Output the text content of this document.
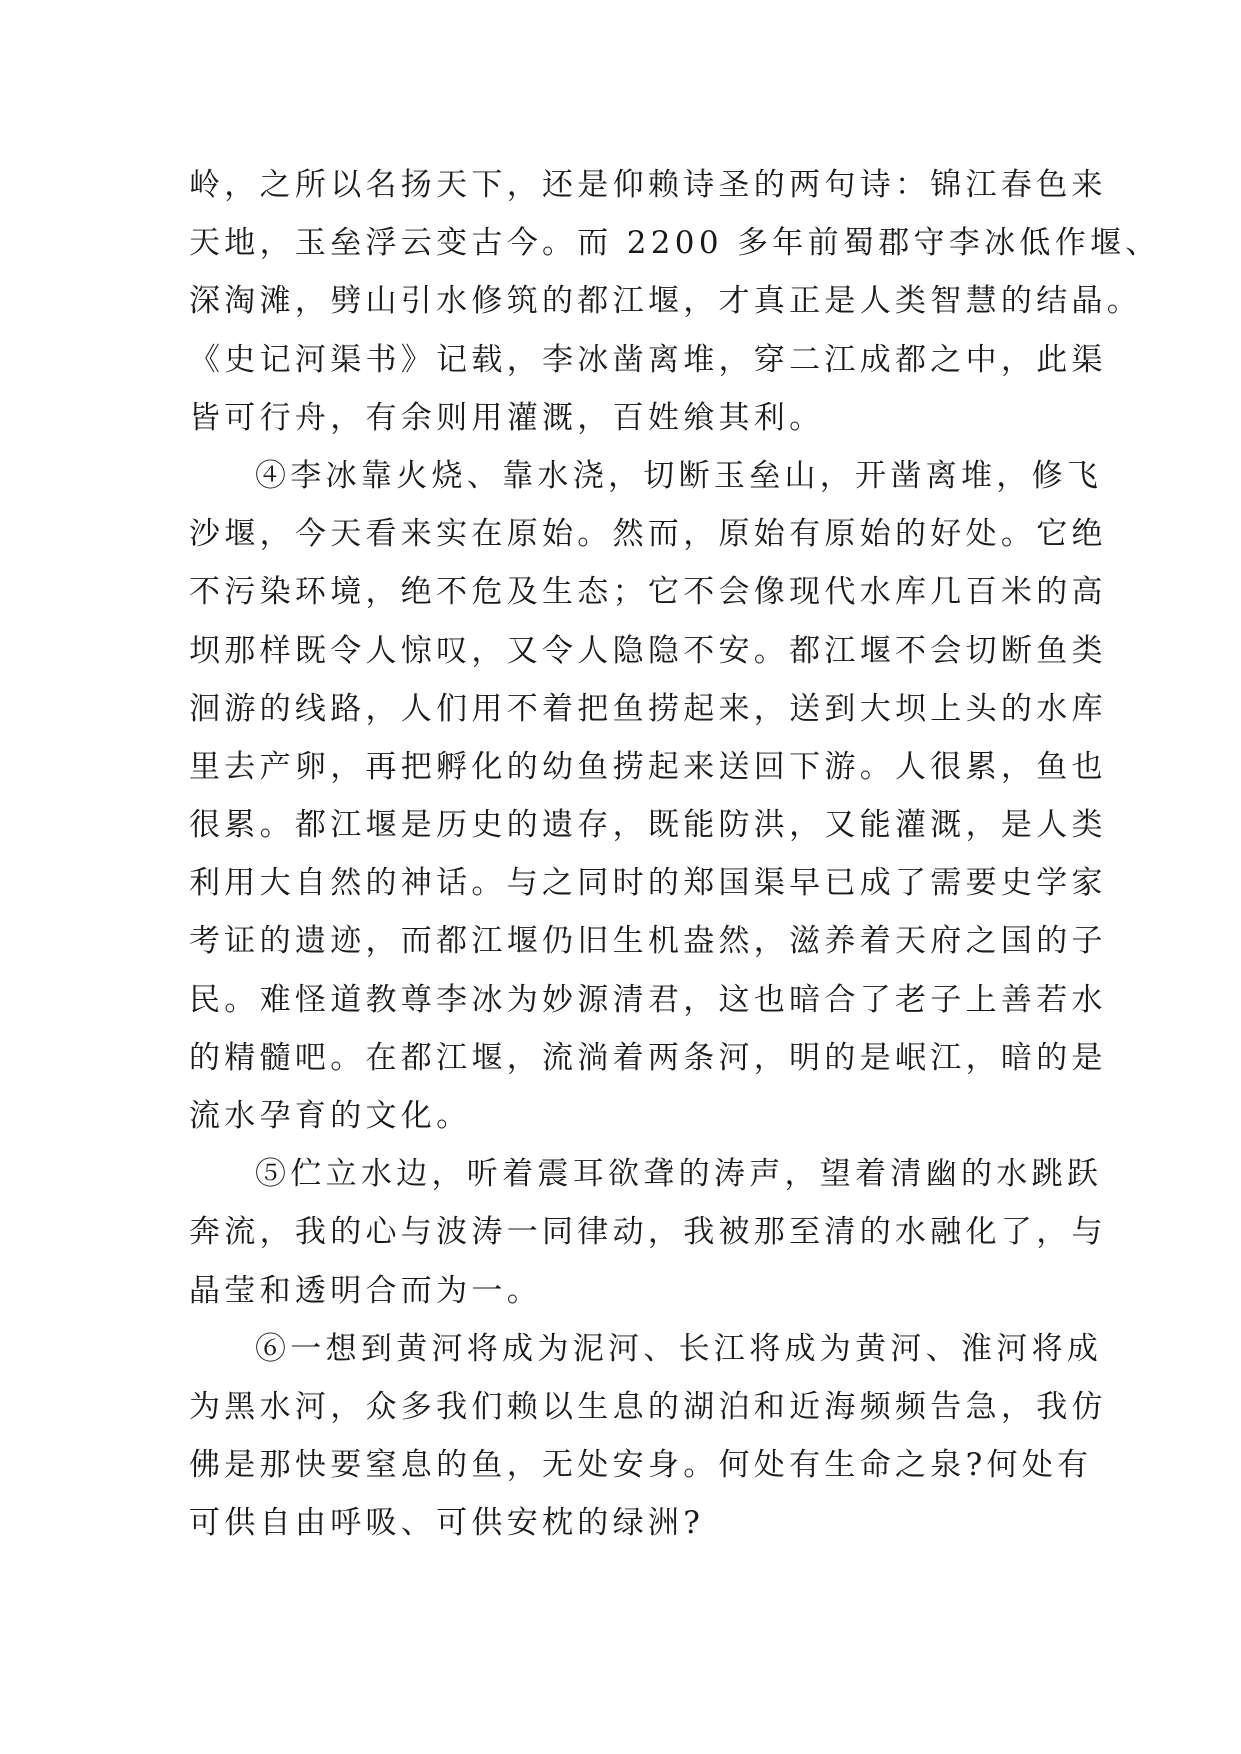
岭，之所以名扬天下，还是仰赖诗圣的两句诗：锦江春色来
天地，玉垒浮云变古今。而 2200 多年前蜀郡守李冰低作堰、
深淘滩，劈山引水修筑的都江堰，才真正是人类智慧的结晶。
《史记河渠书》记载，李冰凿离堆，穿二江成都之中，此渠
皆可行舟，有余则用灌溉，百姓飨其利。
④李冰靠火烧、靠水浇，切断玉垒山，开凿离堆，修飞
沙堰，今天看来实在原始。然而，原始有原始的好处。它绝
不污染环境，绝不危及生态；它不会像现代水库几百米的高
坝那样既令人惊叹，又令人隐隐不安。都江堰不会切断鱼类
洄游的线路，人们用不着把鱼捞起来，送到大坝上头的水库
里去产卵，再把孵化的幼鱼捞起来送回下游。人很累，鱼也
很累。都江堰是历史的遗存，既能防洪，又能灌溉，是人类
利用大自然的神话。与之同时的郑国渠早已成了需要史学家
考证的遗迹，而都江堰仍旧生机盎然，滋养着天府之国的子
民。难怪道教尊李冰为妙源清君，这也暗合了老子上善若水
的精髓吧。在都江堰，流淌着两条河，明的是岷江，暗的是
流水孕育的文化。
⑤伫立水边，听着震耳欲聋的涛声，望着清幽的水跳跃
奔流，我的心与波涛一同律动，我被那至清的水融化了，与
晶莹和透明合而为一。
⑥一想到黄河将成为泥河、长江将成为黄河、淮河将成
为黑水河，众多我们赖以生息的湖泊和近海频频告急，我仿
佛是那快要窒息的鱼，无处安身。何处有生命之泉?何处有
可供自由呼吸、可供安枕的绿洲?
